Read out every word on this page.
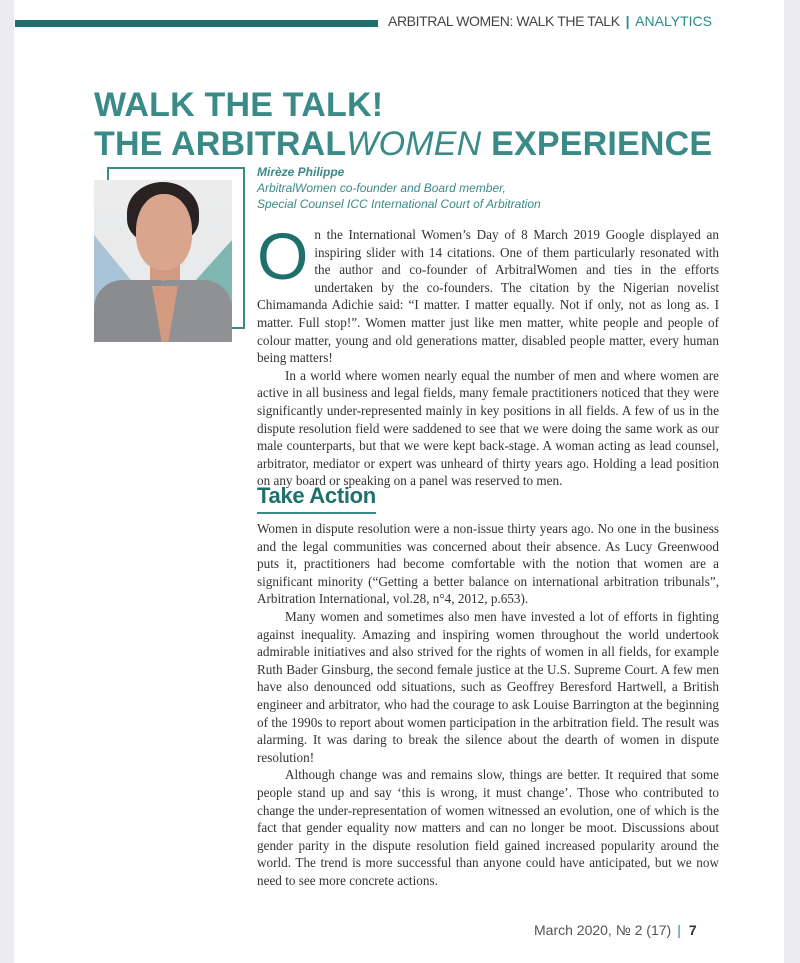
ARBITRAL WOMEN: WALK THE TALK | ANALYTICS
WALK THE TALK!
THE ARBITRALWOMEN EXPERIENCE
Mirèze Philippe
ArbitralWomen co-founder and Board member,
Special Counsel ICC International Court of Arbitration
O n the International Women’s Day of 8 March 2019 Google displayed an inspiring slider with 14 citations. One of them particularly resonated with the author and co-founder of ArbitralWomen and ties in the efforts undertaken by the co-founders. The citation by the Nigerian novelist Chimamanda Adichie said: “I matter. I matter equally. Not if only, not as long as. I matter. Full stop!”. Women matter just like men matter, white people and people of colour matter, young and old generations matter, disabled people matter, every human being matters!

In a world where women nearly equal the number of men and where women are active in all business and legal fields, many female practitioners noticed that they were significantly under-represented mainly in key positions in all fields. A few of us in the dispute resolution field were saddened to see that we were doing the same work as our male counterparts, but that we were kept back-stage. A woman acting as lead counsel, arbitrator, mediator or expert was unheard of thirty years ago. Holding a lead position on any board or speaking on a panel was reserved to men.

Take Action

Women in dispute resolution were a non-issue thirty years ago. No one in the business and the legal communities was concerned about their absence. As Lucy Greenwood puts it, practitioners had become comfortable with the notion that women are a significant minority (“Getting a better balance on international arbitration tribunals”, Arbitration International, vol.28, n°4, 2012, p.653).

Many women and sometimes also men have invested a lot of efforts in fighting against inequality. Amazing and inspiring women throughout the world undertook admirable initiatives and also strived for the rights of women in all fields, for example Ruth Bader Ginsburg, the second female justice at the U.S. Supreme Court. A few men have also denounced odd situations, such as Geoffrey Beresford Hartwell, a British engineer and arbitrator, who had the courage to ask Louise Barrington at the beginning of the 1990s to report about women participation in the arbitration field. The result was alarming. It was daring to break the silence about the dearth of women in dispute resolution!

Although change was and remains slow, things are better. It required that some people stand up and say ‘this is wrong, it must change’. Those who contributed to change the under-representation of women witnessed an evolution, one of which is the fact that gender equality now matters and can no longer be moot. Discussions about gender parity in the dispute resolution field gained increased popularity around the world. The trend is more successful than anyone could have anticipated, but we now need to see more concrete actions.

March 2020, № 2 (17) | 7
